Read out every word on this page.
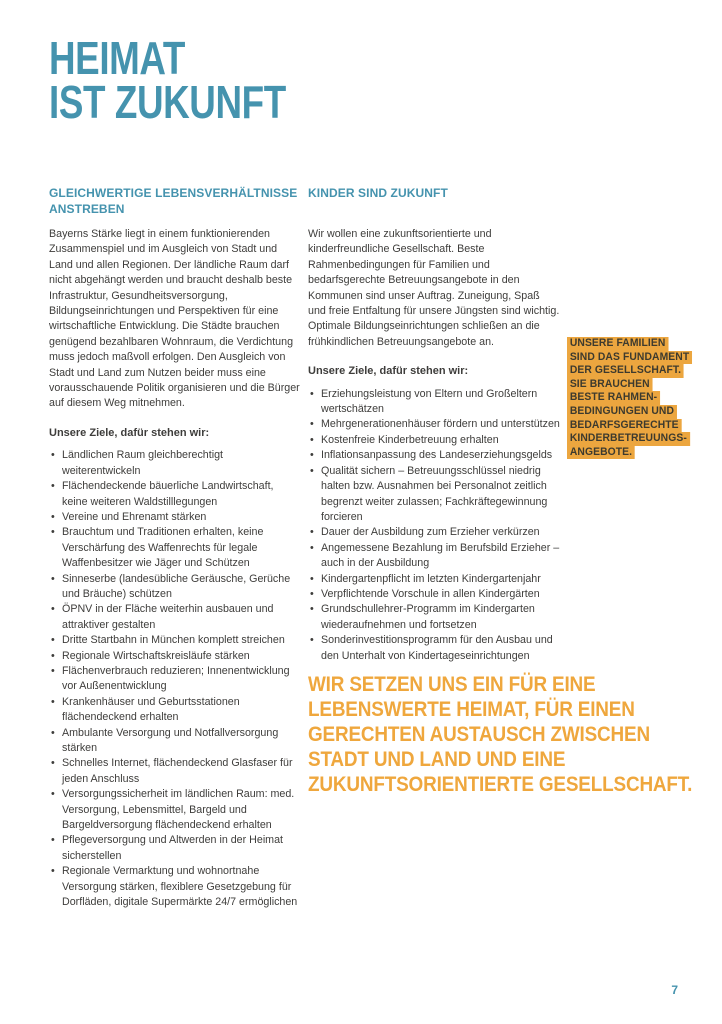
HEIMAT
IST ZUKUNFT
GLEICHWERTIGE LEBENSVERHÄLTNISSE ANSTREBEN

Bayerns Stärke liegt in einem funktionierenden Zusammenspiel und im Ausgleich von Stadt und Land und allen Regionen. Der ländliche Raum darf nicht abgehängt werden und braucht deshalb beste Infrastruktur, Gesundheitsversorgung, Bildungseinrichtungen und Perspektiven für eine wirtschaftliche Entwicklung. Die Städte brauchen genügend bezahlbaren Wohnraum, die Verdichtung muss jedoch maßvoll erfolgen. Den Ausgleich von Stadt und Land zum Nutzen beider muss eine vorausschauende Politik organisieren und die Bürger auf diesem Weg mitnehmen.

Unsere Ziele, dafür stehen wir:

• Ländlichen Raum gleichberechtigt weiterentwickeln
• Flächendeckende bäuerliche Landwirtschaft, keine weiteren Waldstilllegungen
• Vereine und Ehrenamt stärken
• Brauchtum und Traditionen erhalten, keine Verschärfung des Waffenrechts für legale Waffenbesitzer wie Jäger und Schützen
• Sinneserbe (landesübliche Geräusche, Gerüche und Bräuche) schützen
• ÖPNV in der Fläche weiterhin ausbauen und attraktiver gestalten
• Dritte Startbahn in München komplett streichen
• Regionale Wirtschaftskreisläufe stärken
• Flächenverbrauch reduzieren; Innenentwicklung vor Außenentwicklung
• Krankenhäuser und Geburtsstationen flächendeckend erhalten
• Ambulante Versorgung und Notfallversorgung stärken
• Schnelles Internet, flächendeckend Glasfaser für jeden Anschluss
• Versorgungssicherheit im ländlichen Raum: med. Versorgung, Lebensmittel, Bargeld und Bargeldversorgung flächendeckend erhalten
• Pflegeversorgung und Altwerden in der Heimat sicherstellen
• Regionale Vermarktung und wohnortnahe Versorgung stärken, flexiblere Gesetzgebung für Dorfläden, digitale Supermärkte 24/7 ermöglichen
KINDER SIND ZUKUNFT

Wir wollen eine zukunftsorientierte und kinderfreundliche Gesellschaft. Beste Rahmenbedingungen für Familien und bedarfsgerechte Betreuungsangebote in den Kommunen sind unser Auftrag. Zuneigung, Spaß und freie Entfaltung für unsere Jüngsten sind wichtig. Optimale Bildungseinrichtungen schließen an die frühkindlichen Betreuungsangebote an.

Unsere Ziele, dafür stehen wir:

• Erziehungsleistung von Eltern und Großeltern wertschätzen
• Mehrgenerationenhäuser fördern und unterstützen
• Kostenfreie Kinderbetreuung erhalten
• Inflationsanpassung des Landeserziehungsgelds
• Qualität sichern – Betreuungsschlüssel niedrig halten bzw. Ausnahmen bei Personalnot zeitlich begrenzt weiter zulassen; Fachkräftegewinnung forcieren
• Dauer der Ausbildung zum Erzieher verkürzen
• Angemessene Bezahlung im Berufsbild Erzieher – auch in der Ausbildung
• Kindergartenpflicht im letzten Kindergartenjahr
• Verpflichtende Vorschule in allen Kindergärten
• Grundschullehrer-Programm im Kindergarten wiederaufnehmen und fortsetzen
• Sonderinvestitionsprogramm für den Ausbau und den Unterhalt von Kindertageseinrichtungen
UNSERE FAMILIEN
SIND DAS FUNDAMENT
DER GESELLSCHAFT.
SIE BRAUCHEN
BESTE RAHMEN-
BEDINGUNGEN UND
BEDARFSGERECHTE
KINDERBETREUUNGS-
ANGEBOTE.
WIR SETZEN UNS EIN FÜR EINE
LEBENSWERTE HEIMAT, FÜR EINEN
GERECHTEN AUSTAUSCH ZWISCHEN
STADT UND LAND UND EINE
ZUKUNFTSORIENTIERTE GESELLSCHAFT.
7
